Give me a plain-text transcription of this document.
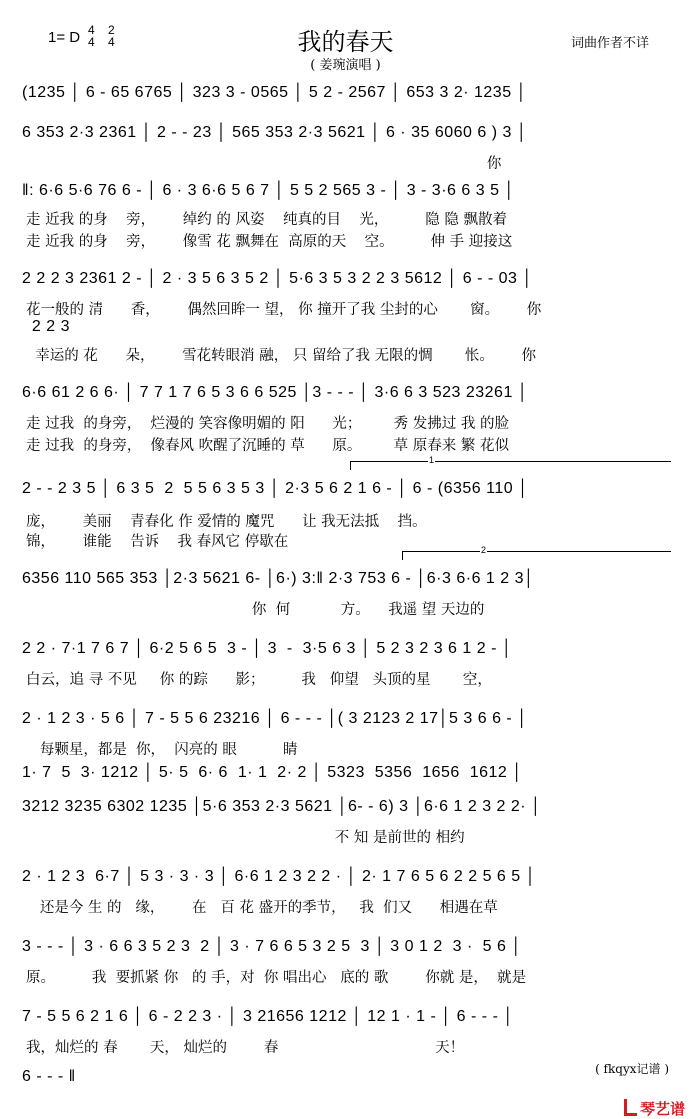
1= D 4
4
2
4	我的春天	词曲作者不详
( 姜琬演唱 )
(1235 │ 6 - 65 6765 │ 323 3 - 0565 │ 5 2 - 2567 │ 653 3 2· 1235 │
6 353 2·3 2361 │ 2 - - 23 │ 565 353 2·3 5621 │ 6 · 35 6060 6 ) 3 │
你
‖: 6·6 5·6 76 6 - │ 6 · 3 6·6 5 6 7 │ 5 5 2 565 3 - │ 3 - 3·6 6 3 5 │
走 近我 的身    旁，      绰约 的 风姿    纯真的目    光，        隐 隐 飘散着
走 近我 的身    旁，      像雪 花 飘舞在  高原的天    空。        伸 手 迎接这
2 2 2 3 2361 2 - │ 2 · 3 5 6 3 5 2 │ 5·6 3 5 3 2 2 3 5612 │ 6 - - 03 │
花一般的 清      香，      偶然回眸一 望， 你 撞开了我 尘封的心       窗。      你
2 2 3
幸运的 花      朵，      雪花转眼消 融， 只 留给了我 无限的惆       怅。      你
6·6 61 2 6 6· │ 7 7 1 7 6 5 3 6 6 525 │3 - - - │ 3·6 6 3 523 23261 │
走 过我  的身旁，  烂漫的 笑容像明媚的 阳      光；       秀 发拂过 我 的脸
走 过我  的身旁，  像春风 吹醒了沉睡的 草      原。       草 原春来 繁 花似
2 - - 2 3 5 │ 6 3 5  2  5 5 6 3 5 3 │ 2·3 5 6 2 1 6 - │ 6 - (6356 110 │
庞，      美丽    青春化 作 爱情的 魔咒      让 我无法抵    挡。
锦，      谁能    告诉    我 春风它 停歇在
6356 110 565 353 │2·3 5621 6- │6·) 3:‖ 2·3 753 6 - │6·3 6·6 1 2 3│
你  何           方。    我遥 望 天边的
2 2 · 7·1 7 6 7 │ 6·2 5 6 5  3 - │ 3  -  3·5 6 3 │ 5 2 3 2 3 6 1 2 - │
白云，追 寻 不见     你 的踪      影；        我   仰望   头顶的星       空，
2 · 1 2 3 · 5 6 │ 7 - 5 5 6 23216 │ 6 - - - │( 3 2123 2 17│5 3 6 6 - │
每颗星，都是  你，  闪亮的 眼          睛
1· 7  5  3· 1212 │ 5· 5  6· 6  1· 1  2· 2 │ 5323  5356  1656  1612 │
3212 3235 6302 1235 │5·6 353 2·3 5621 │6- - 6) 3 │6·6 1 2 3 2 2· │
不 知 是前世的 相约
2 · 1 2 3  6·7 │ 5 3 · 3 · 3 │ 6·6 1 2 3 2 2 · │ 2· 1 7 6 5 6 2 2 5 6 5 │
还是今 生 的   缘，      在   百 花 盛开的季节，   我  们又      相遇在草
3 - - - │ 3 · 6 6 3 5 2 3  2 │ 3 · 7 6 6 5 3 2 5  3 │ 3 0 1 2  3 ·  5 6 │
原。        我  要抓紧 你   的 手，对  你 唱出心   底的 歌        你就 是，  就是
7 - 5 5 6 2 1 6 │ 6 - 2 2 3 · │ 3 21656 1212 │ 12 1 · 1 - │ 6 - - - │
我，灿烂的 春       天， 灿烂的        春                                  天！
6 - - - ‖
1
2
( fkqyx记谱 )

琴艺谱
